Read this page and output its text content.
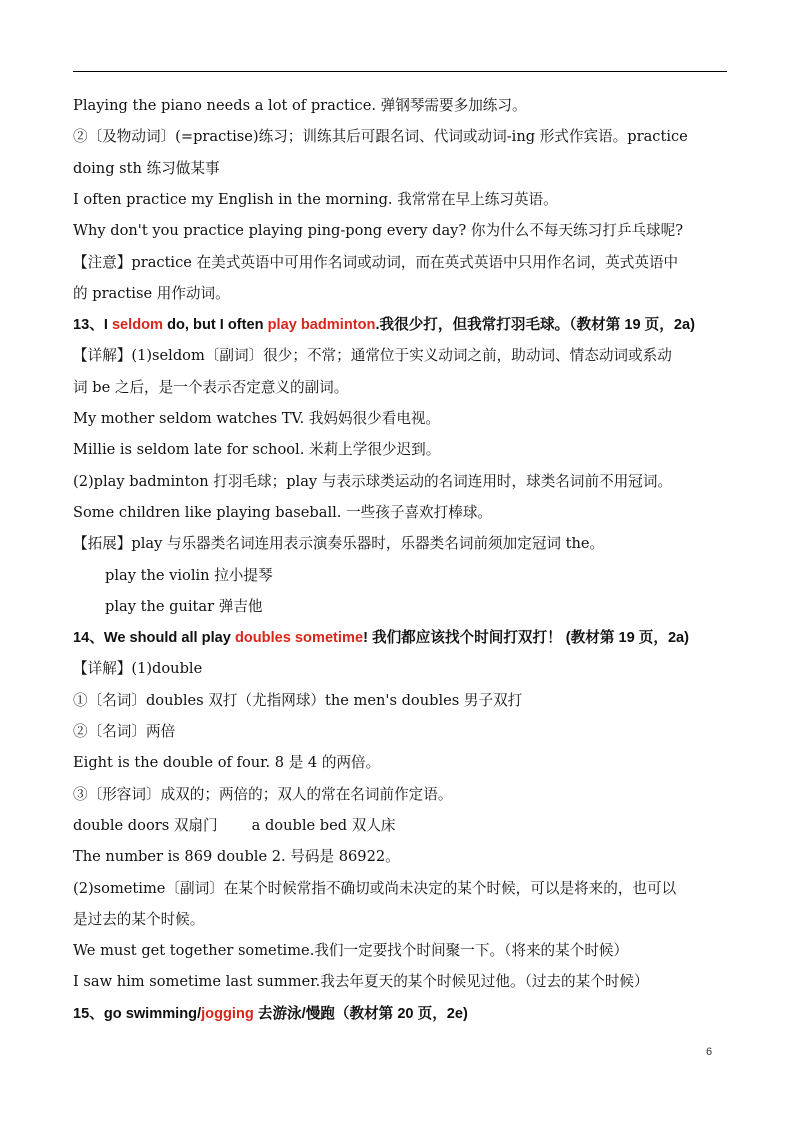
Playing the piano needs a lot of practice. 弹钢琴需要多加练习。
②〔及物动词〕(=practise)练习；训练其后可跟名词、代词或动词-ing 形式作宾语。practice
doing sth 练习做某事
I often practice my English in the morning. 我常常在早上练习英语。
Why don't you practice playing ping-pong every day? 你为什么不每天练习打乒乓球呢?
【注意】practice 在美式英语中可用作名词或动词，而在英式英语中只用作名词，英式英语中
的 practise 用作动词。
13、I seldom do, but I often play badminton.我很少打，但我常打羽毛球。（教材第 19 页，2a)
【详解】(1)seldom〔副词〕很少；不常；通常位于实义动词之前，助动词、情态动词或系动
词 be 之后，是一个表示否定意义的副词。
My mother seldom watches TV. 我妈妈很少看电视。
Millie is seldom late for school. 米莉上学很少迟到。
(2)play badminton 打羽毛球；play 与表示球类运动的名词连用时，球类名词前不用冠词。
Some children like playing baseball. 一些孩子喜欢打棒球。
【拓展】play 与乐器类名词连用表示演奏乐器时，乐器类名词前须加定冠词 the。
play the violin 拉小提琴
play the guitar 弹吉他
14、We should all play doubles sometime! 我们都应该找个时间打双打！ (教材第 19 页，2a)
【详解】(1)double
①〔名词〕doubles 双打（尤指网球）the men's doubles 男子双打
②〔名词〕两倍
Eight is the double of four. 8 是 4 的两倍。
③〔形容词〕成双的；两倍的；双人的常在名词前作定语。
double doors 双扇门 a double bed 双人床
The number is 869 double 2. 号码是 86922。
(2)sometime〔副词〕在某个时候常指不确切或尚未决定的某个时候，可以是将来的，也可以
是过去的某个时候。
We must get together sometime.我们一定要找个时间聚一下。（将来的某个时候）
I saw him sometime last summer.我去年夏天的某个时候见过他。（过去的某个时候）
15、go swimming/jogging 去游泳/慢跑（教材第 20 页，2e)
6
